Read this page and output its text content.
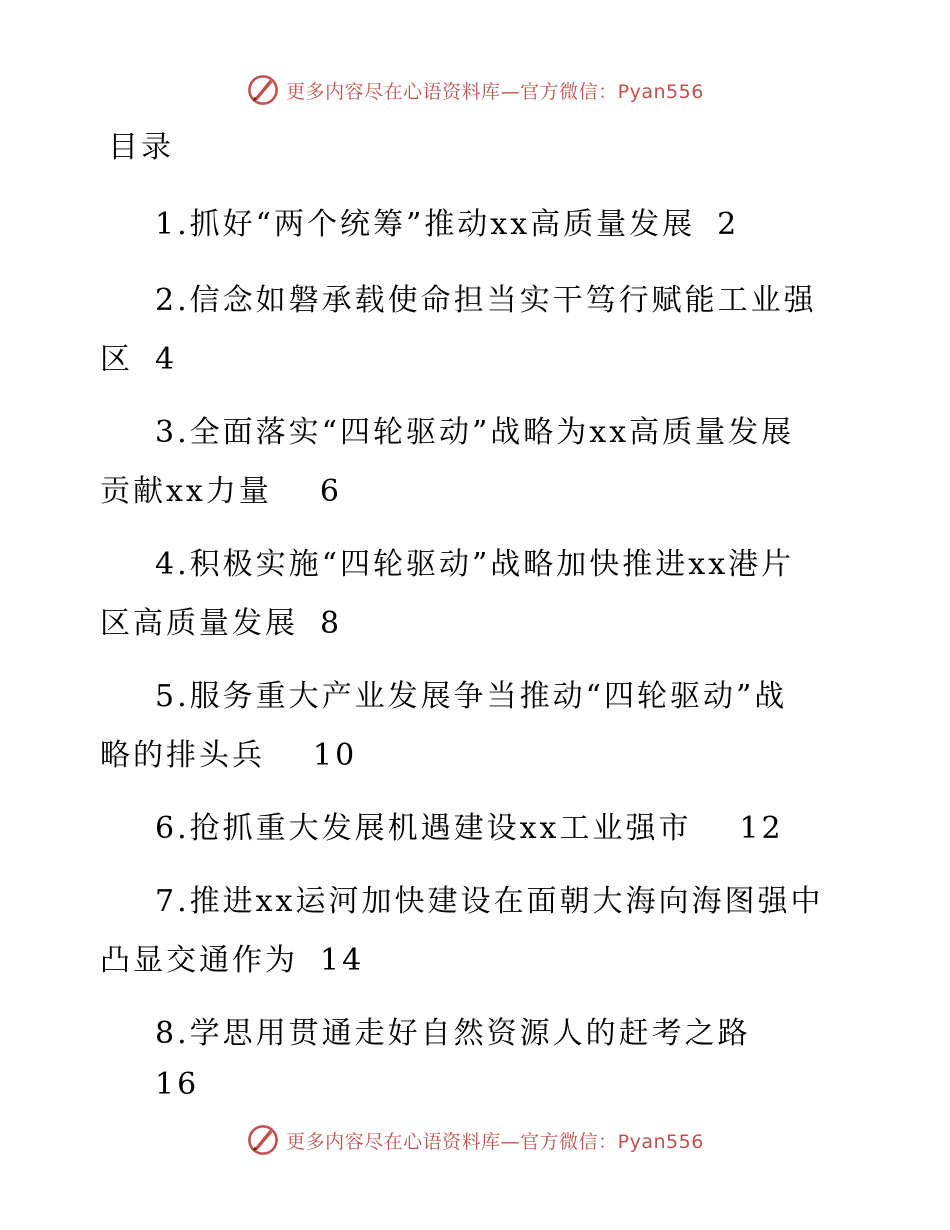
更多内容尽在心语资料库—官方微信：Pyan556
目录
1.抓好“两个统筹”推动xx高质量发展 2
2.信念如磐承载使命担当实干笃行赋能工业强
区 4
3.全面落实“四轮驱动”战略为xx高质量发展
贡献xx力量 6
4.积极实施“四轮驱动”战略加快推进xx港片
区高质量发展 8
5.服务重大产业发展争当推动“四轮驱动”战
略的排头兵 10
6.抢抓重大发展机遇建设xx工业强市 12
7.推进xx运河加快建设在面朝大海向海图强中
凸显交通作为 14
8.学思用贯通走好自然资源人的赶考之路
16
更多内容尽在心语资料库—官方微信：Pyan556
